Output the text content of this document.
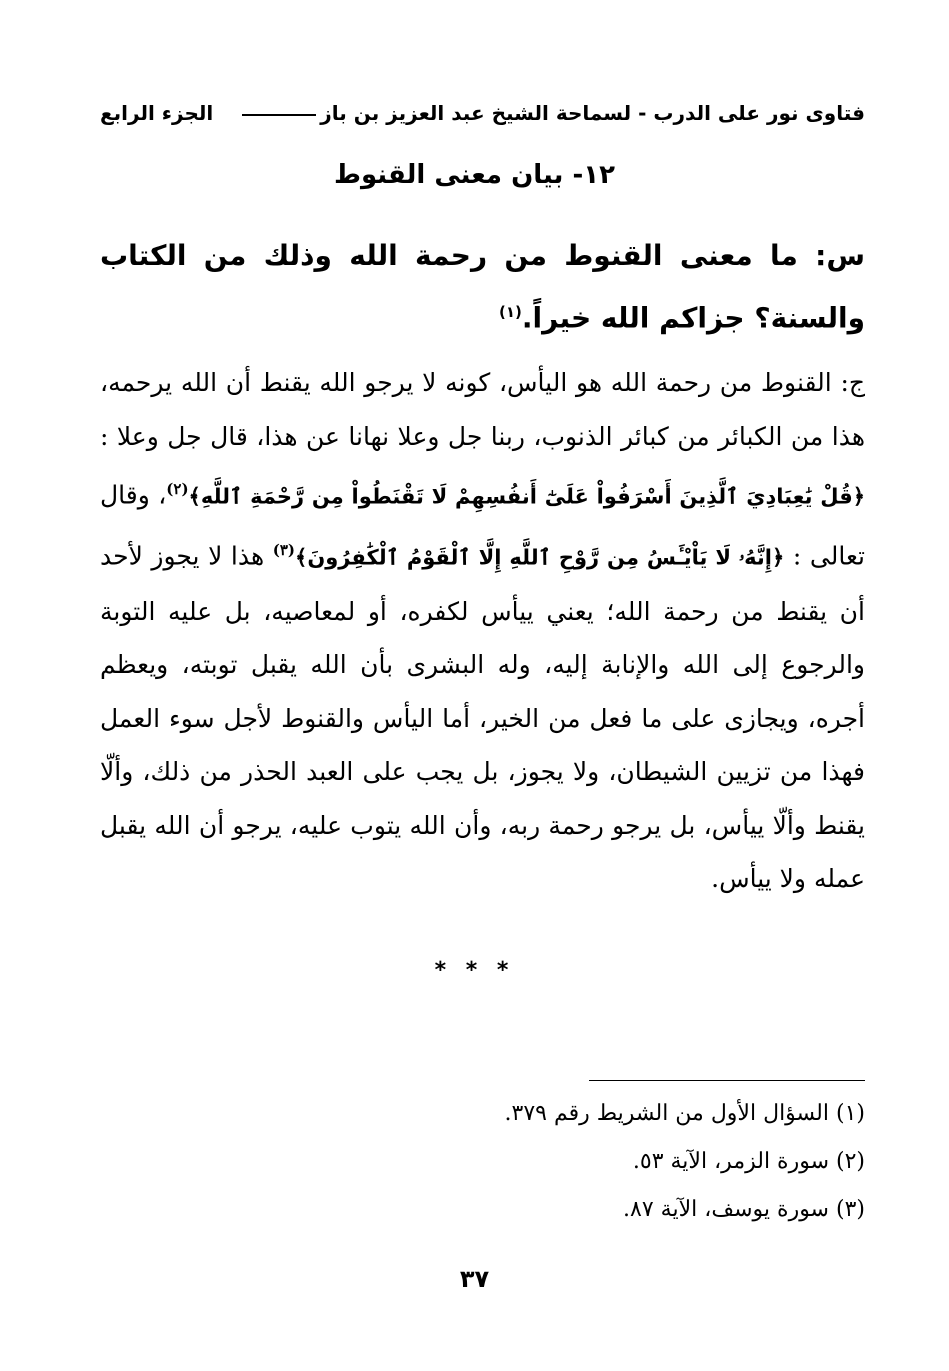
فتاوى نور على الدرب - لسماحة الشيخ عبد العزيز بن باز
الجزء الرابع
١٢- بيان معنى القنوط
س: ما معنى القنوط من رحمة الله وذلك من الكتاب والسنة؟ جزاكم الله خيراً.$^{(١)}$
ج: القنوط من رحمة الله هو اليأس، كونه لا يرجو الله يقنط أن الله يرحمه، هذا من الكبائر من كبائر الذنوب، ربنا جل وعلا نهانا عن هذا، قال جل وعلا : ﴿قُلْ يَٰعِبَادِيَ ٱلَّذِينَ أَسْرَفُواْ عَلَىٰٓ أَنفُسِهِمْ لَا تَقْنَطُواْ مِن رَّحْمَةِ ٱللَّهِ﴾$^{(٢)}$، وقال تعالى : ﴿إِنَّهُۥ لَا يَاْيْـَٔسُ مِن رَّوْحِ ٱللَّهِ إِلَّا ٱلْقَوْمُ ٱلْكَٰفِرُونَ﴾$^{(٣)}$ هذا لا يجوز لأحد أن يقنط من رحمة الله؛ يعني ييأس لكفره، أو لمعاصيه، بل عليه التوبة والرجوع إلى الله والإنابة إليه، وله البشرى بأن الله يقبل توبته، ويعظم أجره، ويجازى على ما فعل من الخير، أما اليأس والقنوط لأجل سوء العمل فهذا من تزيين الشيطان، ولا يجوز، بل يجب على العبد الحذر من ذلك، وألّا يقنط وألّا ييأس، بل يرجو رحمة ربه، وأن الله يتوب عليه، يرجو أن الله يقبل عمله ولا ييأس.
* * *
(١) السؤال الأول من الشريط رقم ٣٧٩.
(٢) سورة الزمر، الآية ٥٣.
(٣) سورة يوسف، الآية ٨٧.
٣٧
